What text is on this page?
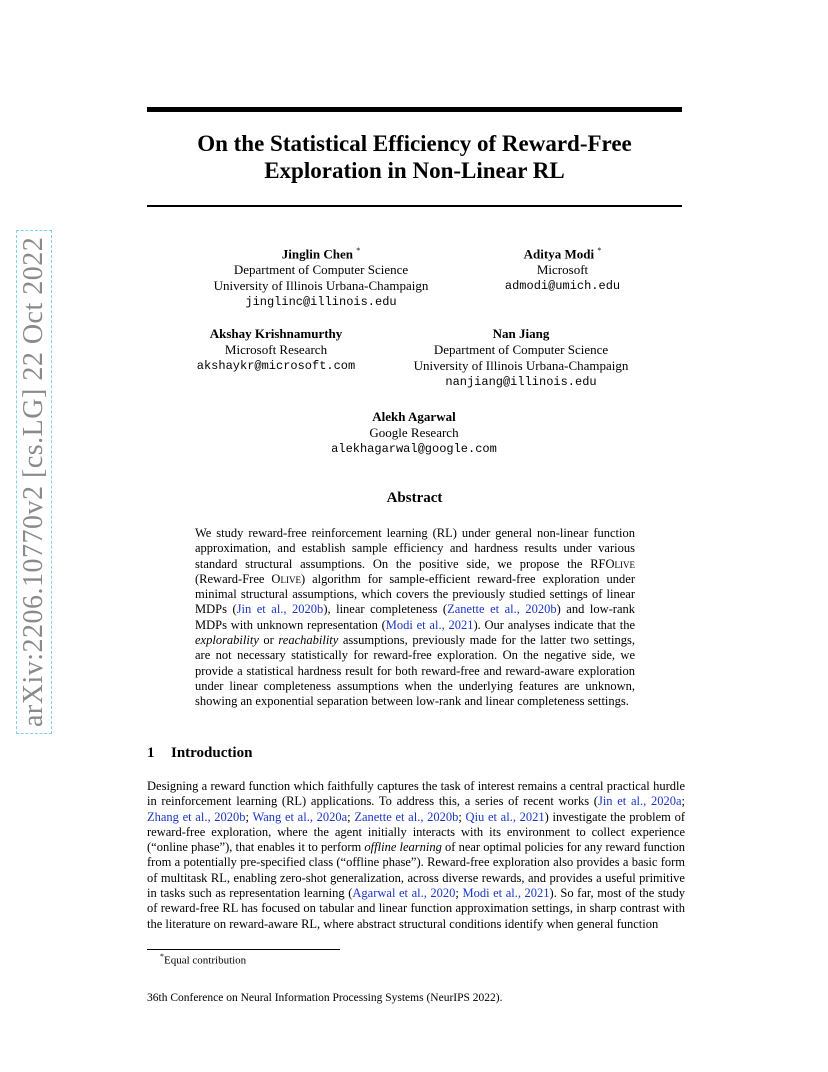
arXiv:2206.10770v2 [cs.LG] 22 Oct 2022
On the Statistical Efficiency of Reward-Free
Exploration in Non-Linear RL
Jinglin Chen *
Department of Computer Science
University of Illinois Urbana-Champaign
jinglinc@illinois.edu
Aditya Modi *
Microsoft
admodi@umich.edu
Akshay Krishnamurthy
Microsoft Research
akshaykr@microsoft.com
Nan Jiang
Department of Computer Science
University of Illinois Urbana-Champaign
nanjiang@illinois.edu
Alekh Agarwal
Google Research
alekhagarwal@google.com
Abstract
We study reward-free reinforcement learning (RL) under general non-linear function approximation, and establish sample efficiency and hardness results under various standard structural assumptions. On the positive side, we propose the RFOlive (Reward-Free Olive) algorithm for sample-efficient reward-free exploration under minimal structural assumptions, which covers the previously studied settings of linear MDPs (Jin et al., 2020b), linear completeness (Zanette et al., 2020b) and low-rank MDPs with unknown representation (Modi et al., 2021). Our analyses indicate that the explorability or reachability assumptions, previously made for the latter two settings, are not necessary statistically for reward-free exploration. On the negative side, we provide a statistical hardness result for both reward-free and reward-aware exploration under linear completeness assumptions when the underlying features are unknown, showing an exponential separation between low-rank and linear completeness settings.
1 Introduction
Designing a reward function which faithfully captures the task of interest remains a central practical hurdle in reinforcement learning (RL) applications. To address this, a series of recent works (Jin et al., 2020a; Zhang et al., 2020b; Wang et al., 2020a; Zanette et al., 2020b; Qiu et al., 2021) investigate the problem of reward-free exploration, where the agent initially interacts with its environment to collect experience (“online phase”), that enables it to perform offline learning of near optimal policies for any reward function from a potentially pre-specified class (“offline phase”). Reward-free exploration also provides a basic form of multitask RL, enabling zero-shot generalization, across diverse rewards, and provides a useful primitive in tasks such as representation learning (Agarwal et al., 2020; Modi et al., 2021). So far, most of the study of reward-free RL has focused on tabular and linear function approximation settings, in sharp contrast with the literature on reward-aware RL, where abstract structural conditions identify when general function
*Equal contribution
36th Conference on Neural Information Processing Systems (NeurIPS 2022).
